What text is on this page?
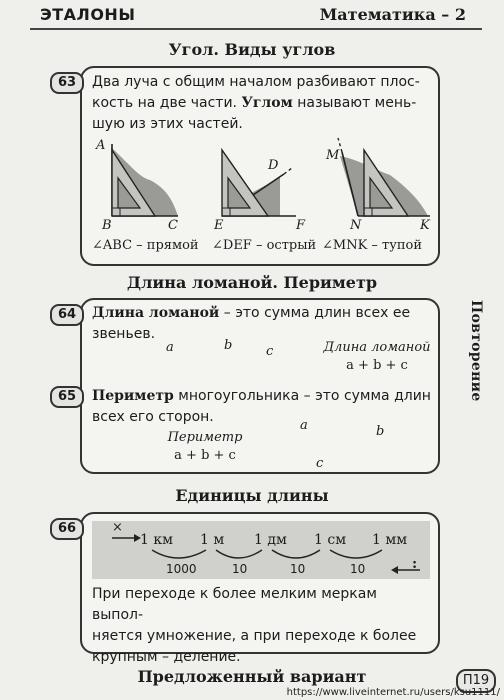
ЭТАЛОНЫ	Математика – 2
Повторение
Угол. Виды углов
63	Два луча с общим началом разбивают плос-
кость на две части. Углом называют мень-
шую из этих частей.
A
B	C
D
E	F
M
N	K
∠ABC – прямой ∠DEF – острый ∠MNK – тупой
Длина ломаной. Периметр
64	Длина ломаной – это сумма длин всех ее
звеньев.
a	b	c	Длина ломаной
a + b + c
65	Периметр многоугольника – это сумма длин
всех его сторон.
Периметр
a + b + c
a	b
c
Единицы длины
66	×
1 км 1 м 1 дм 1 см 1 мм
1000	10	10	10	:
При переходе к более мелким меркам выпол-
няется умножение, а при переходе к более
крупным – деление.
Предложенный вариант	П19
https://www.liveinternet.ru/users/ksu1111/
